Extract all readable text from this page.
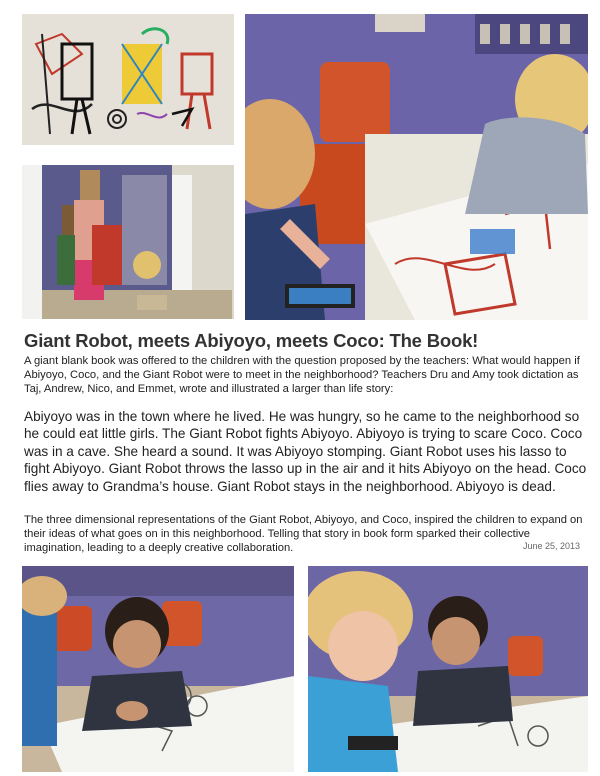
Giant Robot, meets Abiyoyo, meets Coco: The Book!

A giant blank book was offered to the children with the question proposed by the teachers: What would happen if Abiyoyo, Coco, and the Giant Robot were to meet in the neighborhood? Teachers Dru and Amy took dictation as Taj, Andrew, Nico, and Emmet, wrote and illustrated a larger than life story:

Abiyoyo was in the town where he lived. He was hungry, so he came to the neighborhood so he could eat little girls. The Giant Robot fights Abiyoyo. Abiyoyo is trying to scare Coco. Coco was in a cave. She heard a sound. It was Abiyoyo stomping. Giant Robot uses his lasso to fight Abiyoyo. Giant Robot throws the lasso up in the air and it hits Abiyoyo on the head. Coco flies away to Grandma’s house. Giant Robot stays in the neighborhood. Abiyoyo is dead.

The three dimensional representations of the Giant Robot, Abiyoyo, and Coco, inspired the children to expand on their ideas of what goes on in this neighborhood. Telling that story in book form sparked their collective imagination, leading to a deeply creative collaboration.	June 25, 2013
